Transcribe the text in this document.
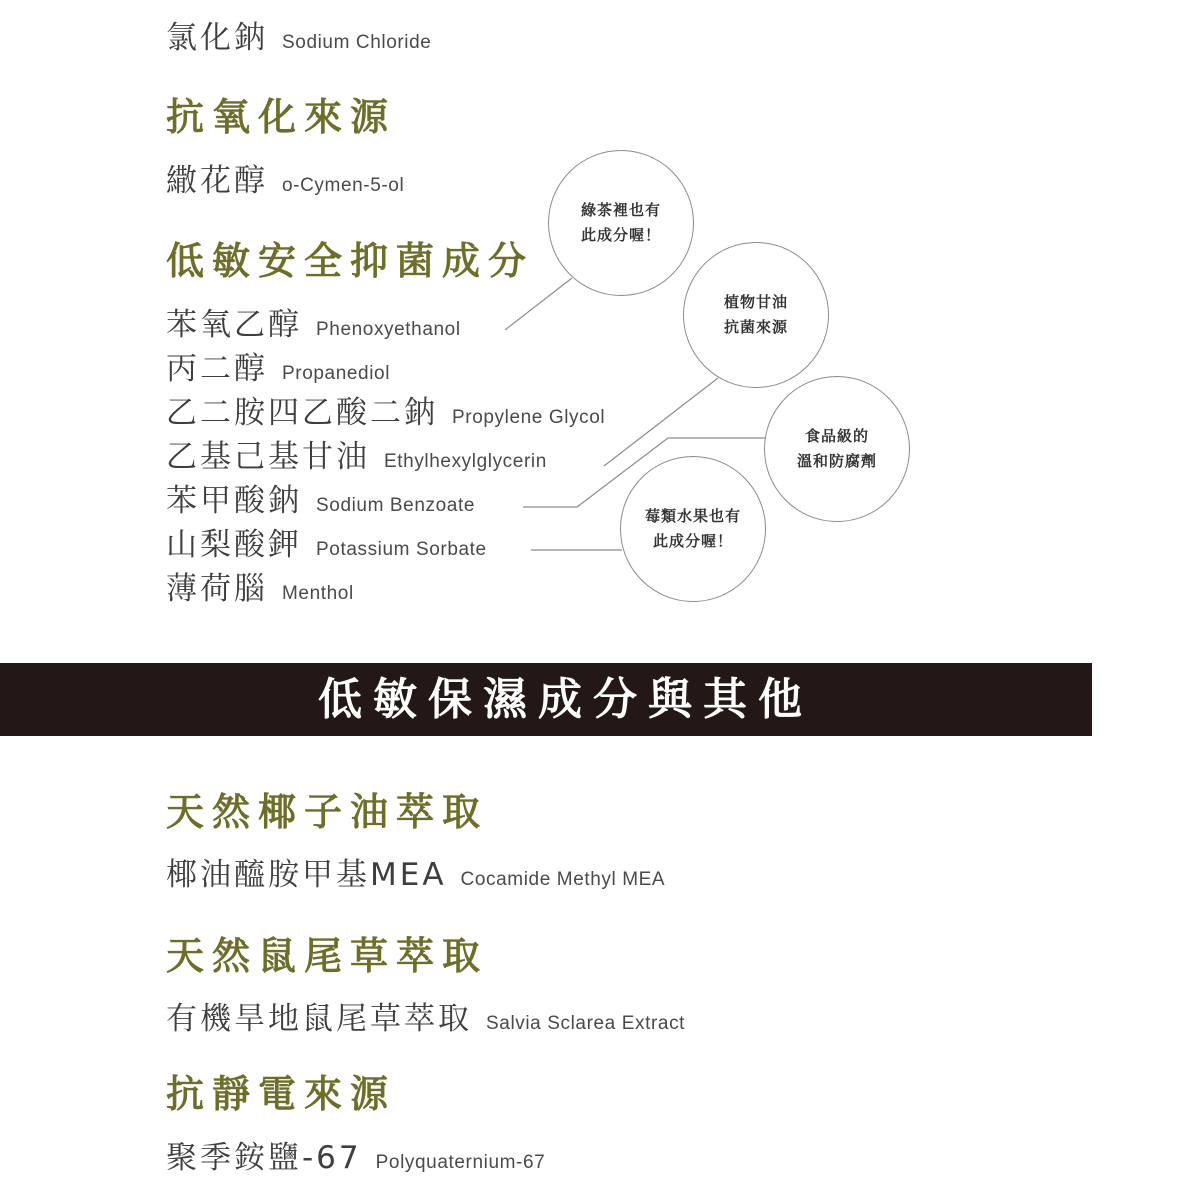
氯化鈉 Sodium Chloride
抗氧化來源
繖花醇 o-Cymen-5-ol
低敏安全抑菌成分
苯氧乙醇 Phenoxyethanol
丙二醇 Propanediol
乙二胺四乙酸二鈉 Propylene Glycol
乙基己基甘油 Ethylhexylglycerin
苯甲酸鈉 Sodium Benzoate
山梨酸鉀 Potassium Sorbate
薄荷腦 Menthol
綠茶裡也有
此成分喔！
植物甘油
抗菌來源
食品級的
溫和防腐劑
莓類水果也有
此成分喔！
低敏保濕成分與其他
天然椰子油萃取
椰油醯胺甲基MEA Cocamide Methyl MEA
天然鼠尾草萃取
有機旱地鼠尾草萃取 Salvia Sclarea Extract
抗靜電來源
聚季銨鹽-67 Polyquaternium-67
